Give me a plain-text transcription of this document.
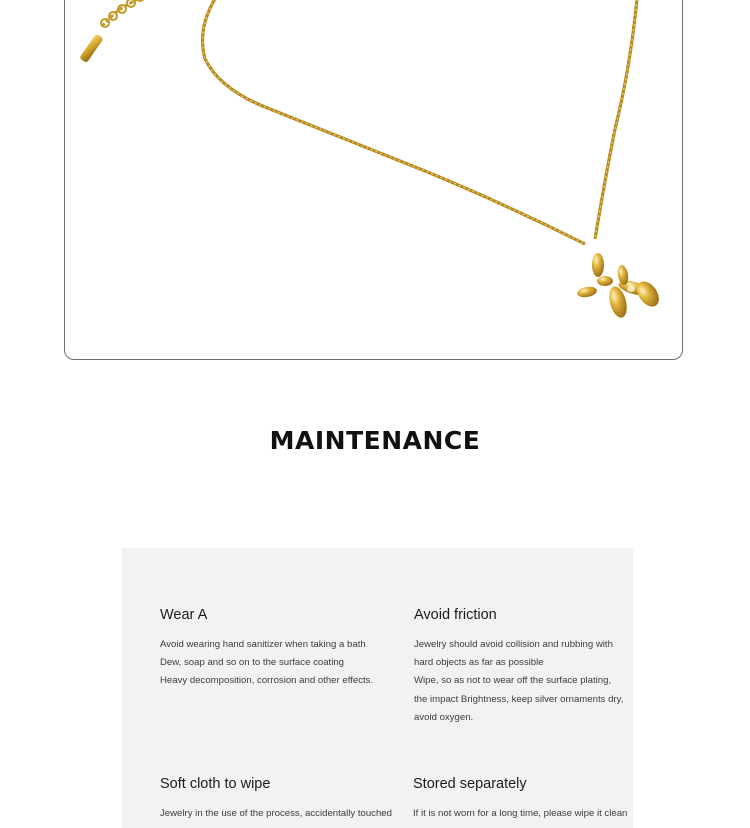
MAINTENANCE
Wear A
Avoid wearing hand sanitizer when taking a bath
Dew, soap and so on to the surface coating
Heavy decomposition, corrosion and other effects.
Avoid friction
Jewelry should avoid collision and rubbing with
hard objects as far as possible
Wipe, so as not to wear off the surface plating,
the impact Brightness, keep silver ornaments dry,
avoid oxygen.
Soft cloth to wipe
Jewelry in the use of the process, accidentally touched
Stored separately
If it is not worn for a long time, please wipe it clean
